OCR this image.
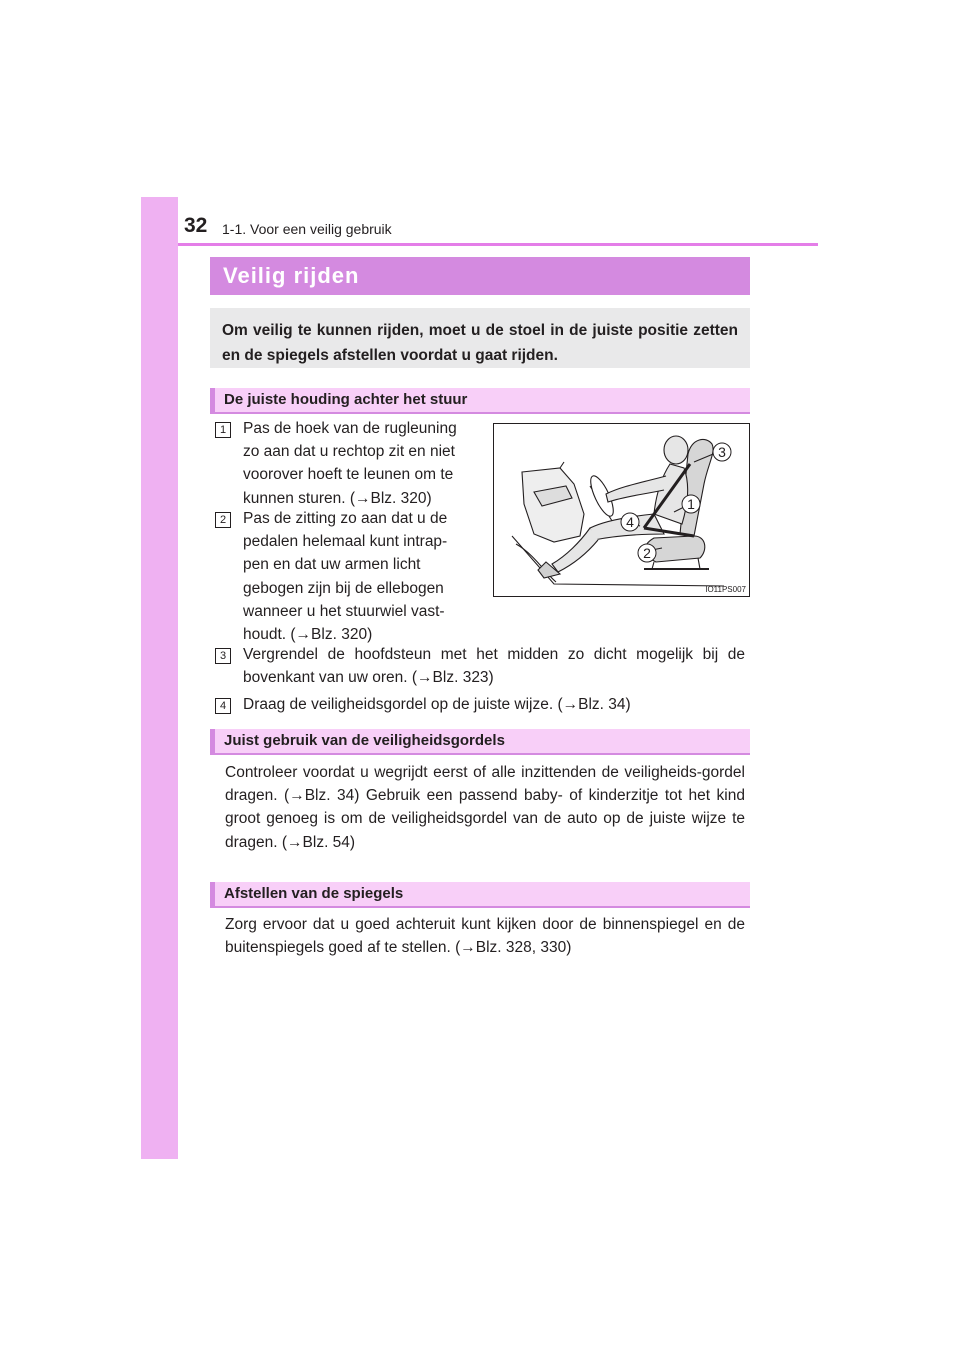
32 1-1. Voor een veilig gebruik
Veilig rijden

Om veilig te kunnen rijden, moet u de stoel in de juiste positie zetten en de spiegels afstellen voordat u gaat rijden.

De juiste houding achter het stuur
1	Pas de hoek van de rugleuning zo aan dat u rechtop zit en niet voorover hoeft te leunen om te kunnen sturen. (→Blz. 320)

2	Pas de zitting zo aan dat u de pedalen helemaal kunt intrap-pen en dat uw armen licht gebogen zijn bij de ellebogen wanneer u het stuurwiel vast-houdt. (→Blz. 320)

3	Vergrendel de hoofdsteun met het midden zo dicht mogelijk bij de bovenkant van uw oren. (→Blz. 323)

4	Draag de veiligheidsgordel op de juiste wijze. (→Blz. 34)

3
1
4
2
IO11PS007
Juist gebruik van de veiligheidsgordels

Controleer voordat u wegrijdt eerst of alle inzittenden de veiligheids-gordel dragen. (→Blz. 34) Gebruik een passend baby- of kinderzitje tot het kind groot genoeg is om de veiligheidsgordel van de auto op de juiste wijze te dragen. (→Blz. 54)

Afstellen van de spiegels

Zorg ervoor dat u goed achteruit kunt kijken door de binnenspiegel en de buitenspiegels goed af te stellen. (→Blz. 328, 330)
